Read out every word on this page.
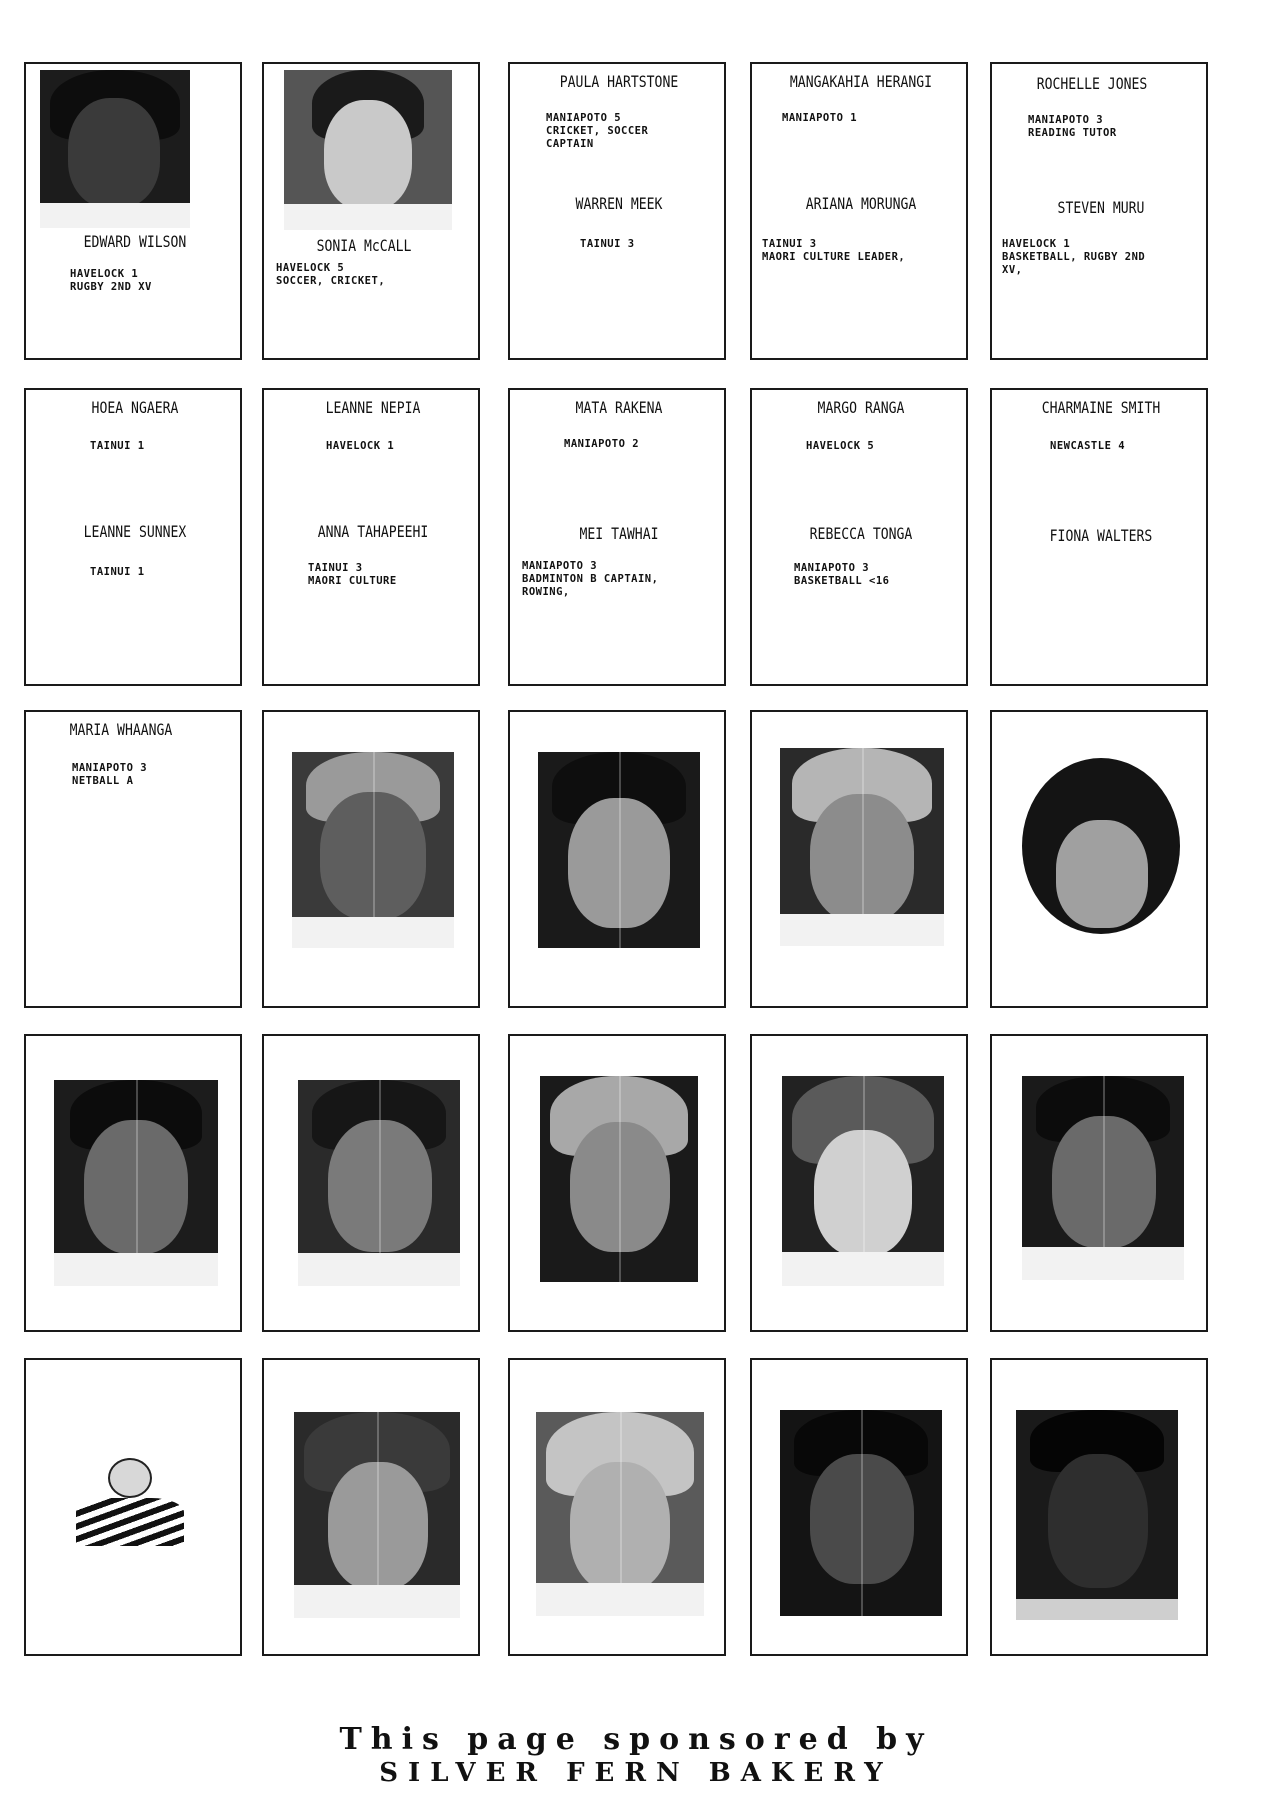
EDWARD WILSON
HAVELOCK 1
RUGBY 2ND XV
SONIA McCALL
HAVELOCK 5
SOCCER, CRICKET,
PAULA HARTSTONE
MANIAPOTO 5
CRICKET, SOCCER
CAPTAIN
WARREN MEEK
TAINUI 3
MANGAKAHIA HERANGI
MANIAPOTO 1
ARIANA MORUNGA
TAINUI 3
MAORI CULTURE LEADER,
ROCHELLE JONES
MANIAPOTO 3
READING TUTOR
STEVEN MURU
HAVELOCK 1
BASKETBALL, RUGBY 2ND
XV,
HOEA NGAERA
TAINUI 1
LEANNE SUNNEX
TAINUI 1
LEANNE NEPIA
HAVELOCK 1
ANNA TAHAPEEHI
TAINUI 3
MAORI CULTURE
MATA RAKENA
MANIAPOTO 2
MEI TAWHAI
MANIAPOTO 3
BADMINTON B CAPTAIN,
ROWING,
MARGO RANGA
HAVELOCK 5
REBECCA TONGA
MANIAPOTO 3
BASKETBALL <16
CHARMAINE SMITH
NEWCASTLE 4
FIONA WALTERS
MARIA WHAANGA
MANIAPOTO 3
NETBALL A
This page sponsored by
SILVER FERN BAKERY
